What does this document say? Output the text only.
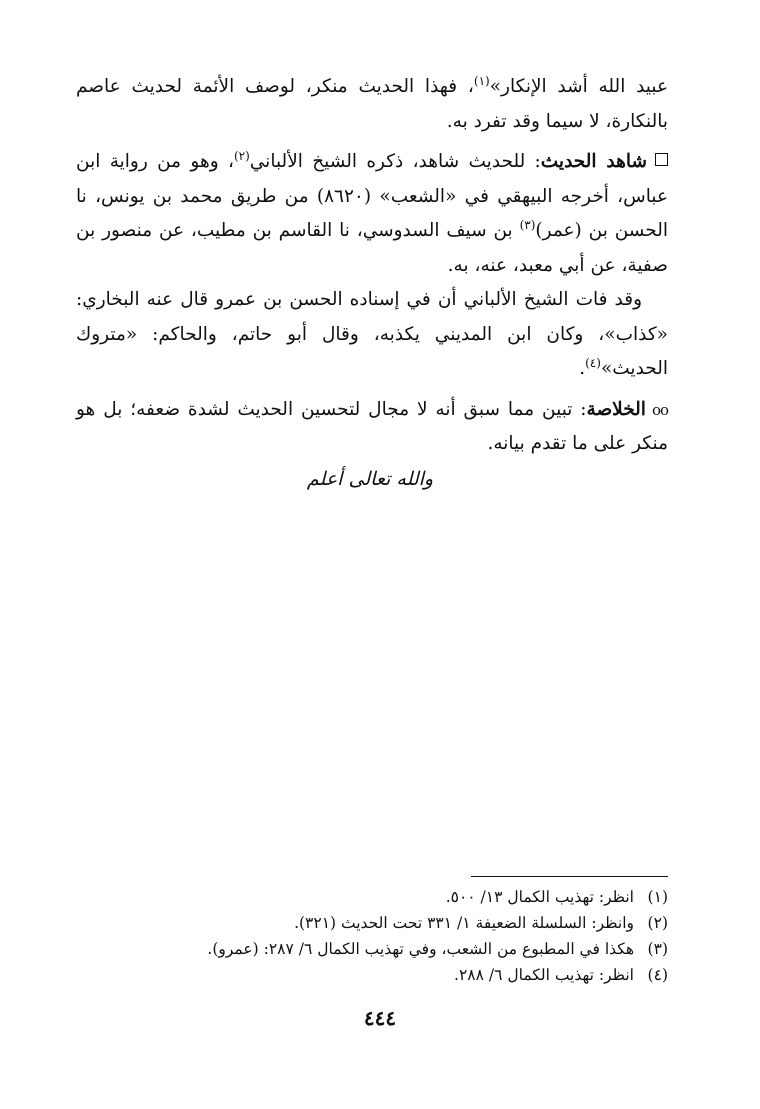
عبيد الله أشد الإنكار»$^{(١)}$، فهذا الحديث منكر، لوصف الأئمة لحديث عاصم بالنكارة، لا سيما وقد تفرد به.

شاهد الحديث: للحديث شاهد، ذكره الشيخ الألباني$^{(٢)}$، وهو من رواية ابن عباس، أخرجه البيهقي في «الشعب» (٨٦٢٠) من طريق محمد بن يونس، نا الحسن بن (عمر)$^{(٣)}$ بن سيف السدوسي، نا القاسم بن مطيب، عن منصور بن صفية، عن أبي معبد، عنه، به.

وقد فات الشيخ الألباني أن في إسناده الحسن بن عمرو قال عنه البخاري: «كذاب»، وكان ابن المديني يكذبه، وقال أبو حاتم، والحاكم: «متروك الحديث»$^{(٤)}$.

ooالخلاصة: تبين مما سبق أنه لا مجال لتحسين الحديث لشدة ضعفه؛ بل هو منكر على ما تقدم بيانه.

والله تعالى أعلم
(١)
انظر: تهذيب الكمال ١٣/ ٥٠٠.
(٢)
وانظر: السلسلة الضعيفة ١/ ٣٣١ تحت الحديث (٣٢١).
(٣)
هكذا في المطبوع من الشعب، وفي تهذيب الكمال ٦/ ٢٨٧: (عمرو).
(٤)
انظر: تهذيب الكمال ٦/ ٢٨٨.
٤٤٤
